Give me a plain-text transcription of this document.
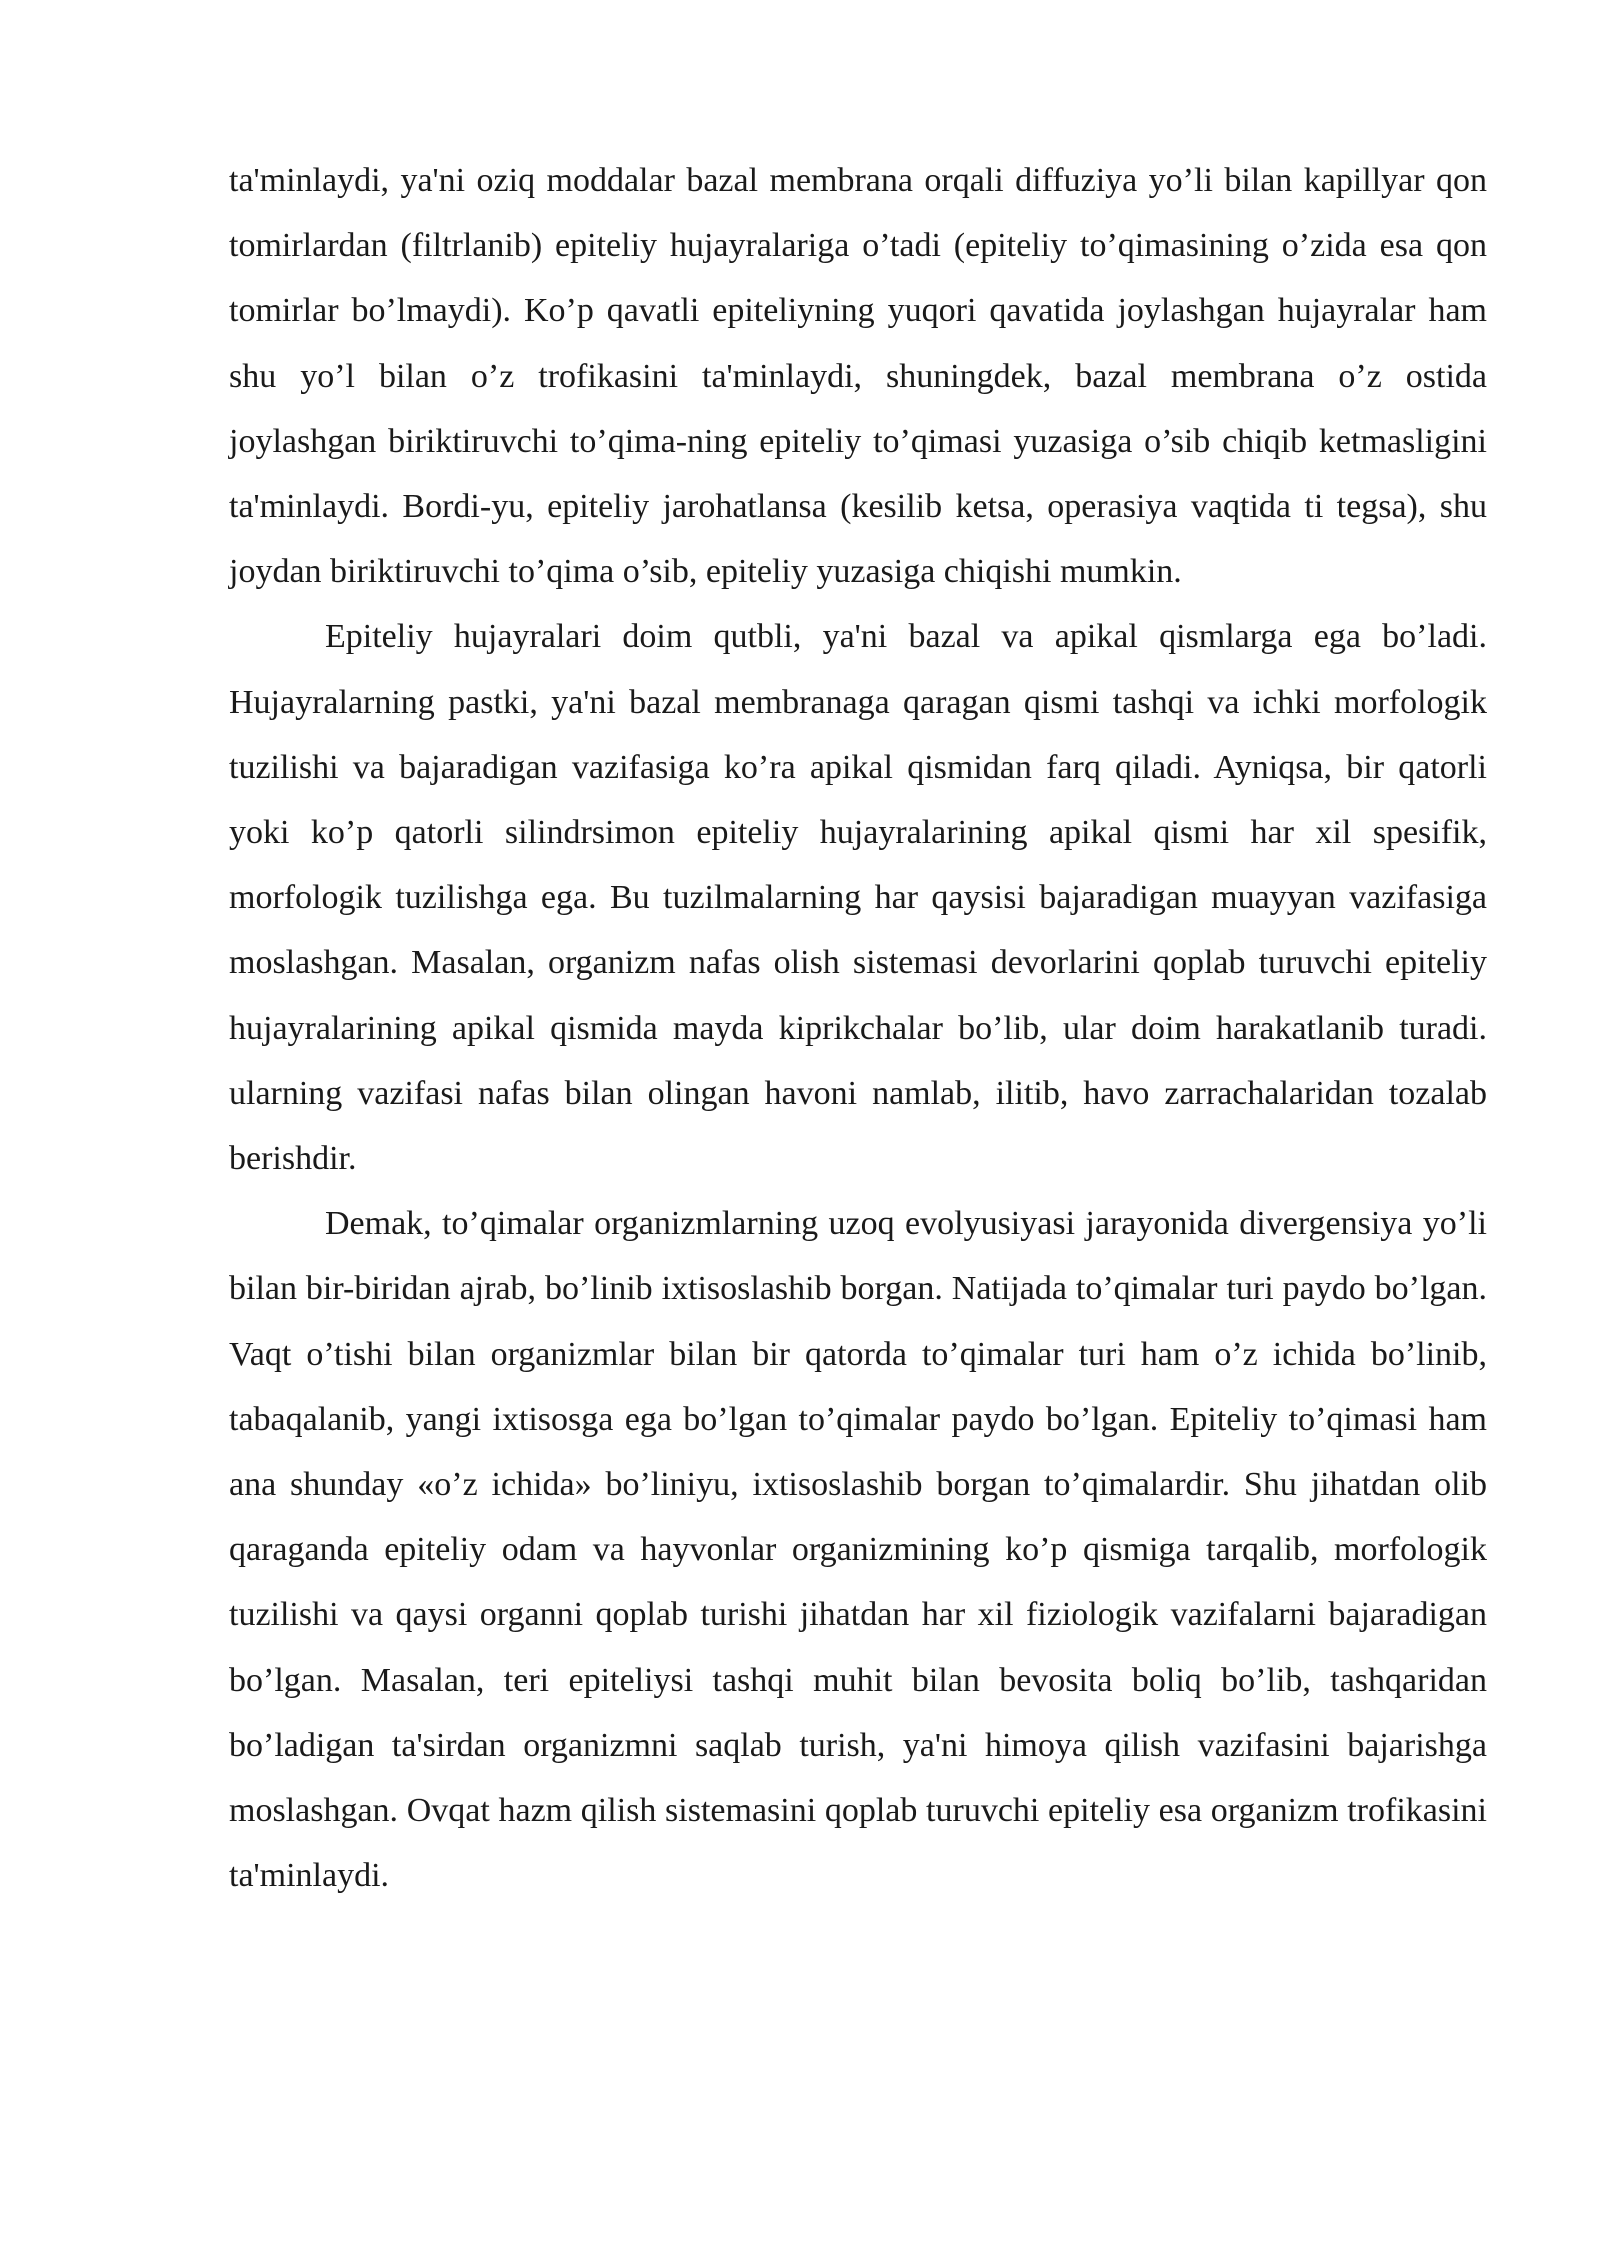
ta'minlaydi, ya'ni oziq moddalar bazal membrana orqali diffuziya yo’li bilan kapillyar qon tomirlardan (filtrlanib) epiteliy hujayralariga o’tadi (epiteliy to’qimasining o’zida esa qon tomirlar bo’lmaydi). Ko’p qavatli epiteliyning yuqori qavatida joylashgan hujayralar ham shu yo’l bilan o’z trofikasini ta'minlaydi, shuningdek, bazal membrana o’z ostida joylashgan biriktiruvchi to’qima-ning epiteliy to’qimasi yuzasiga o’sib chiqib ketmasligini ta'minlaydi. Bordi-yu, epiteliy jarohatlansa (kesilib ketsa, operasiya vaqtida ti tegsa), shu joydan biriktiruvchi to’qima o’sib, epiteliy yuzasiga chiqishi mumkin.

Epiteliy hujayralari doim qutbli, ya'ni bazal va apikal qismlarga ega bo’ladi. Hujayralarning pastki, ya'ni bazal membranaga qaragan qismi tashqi va ichki morfologik tuzilishi va bajaradigan vazifasiga ko’ra apikal qismidan farq qiladi. Ayniqsa, bir qatorli yoki ko’p qatorli silindrsimon epiteliy hujayralarining apikal qismi har xil spesifik, morfologik tuzilishga ega. Bu tuzilmalarning har qaysisi bajaradigan muayyan vazifasiga moslashgan. Masalan, organizm nafas olish sistemasi devorlarini qoplab turuvchi epiteliy hujayralarining apikal qismida mayda kiprikchalar bo’lib, ular doim harakatlanib turadi. ularning vazifasi nafas bilan olingan havoni namlab, ilitib, havo zarrachalaridan tozalab berishdir.

Demak, to’qimalar organizmlarning uzoq evolyusiyasi jarayonida divergensiya yo’li bilan bir-biridan ajrab, bo’linib ixtisoslashib borgan. Natijada to’qimalar turi paydo bo’lgan. Vaqt o’tishi bilan organizmlar bilan bir qatorda to’qimalar turi ham o’z ichida bo’linib, tabaqalanib, yangi ixtisosga ega bo’lgan to’qimalar paydo bo’lgan. Epiteliy to’qimasi ham ana shunday «o’z ichida» bo’liniyu, ixtisoslashib borgan to’qimalardir. Shu jihatdan olib qaraganda epiteliy odam va hayvonlar organizmining ko’p qismiga tarqalib, morfologik tuzilishi va qaysi organni qoplab turishi jihatdan har xil fiziologik vazifalarni bajaradigan bo’lgan. Masalan, teri epiteliysi tashqi muhit bilan bevosita boliq bo’lib, tashqaridan bo’ladigan ta'sirdan organizmni saqlab turish, ya'ni himoya qilish vazifasini bajarishga moslashgan. Ovqat hazm qilish sistemasini qoplab turuvchi epiteliy esa organizm trofikasini ta'minlaydi.
